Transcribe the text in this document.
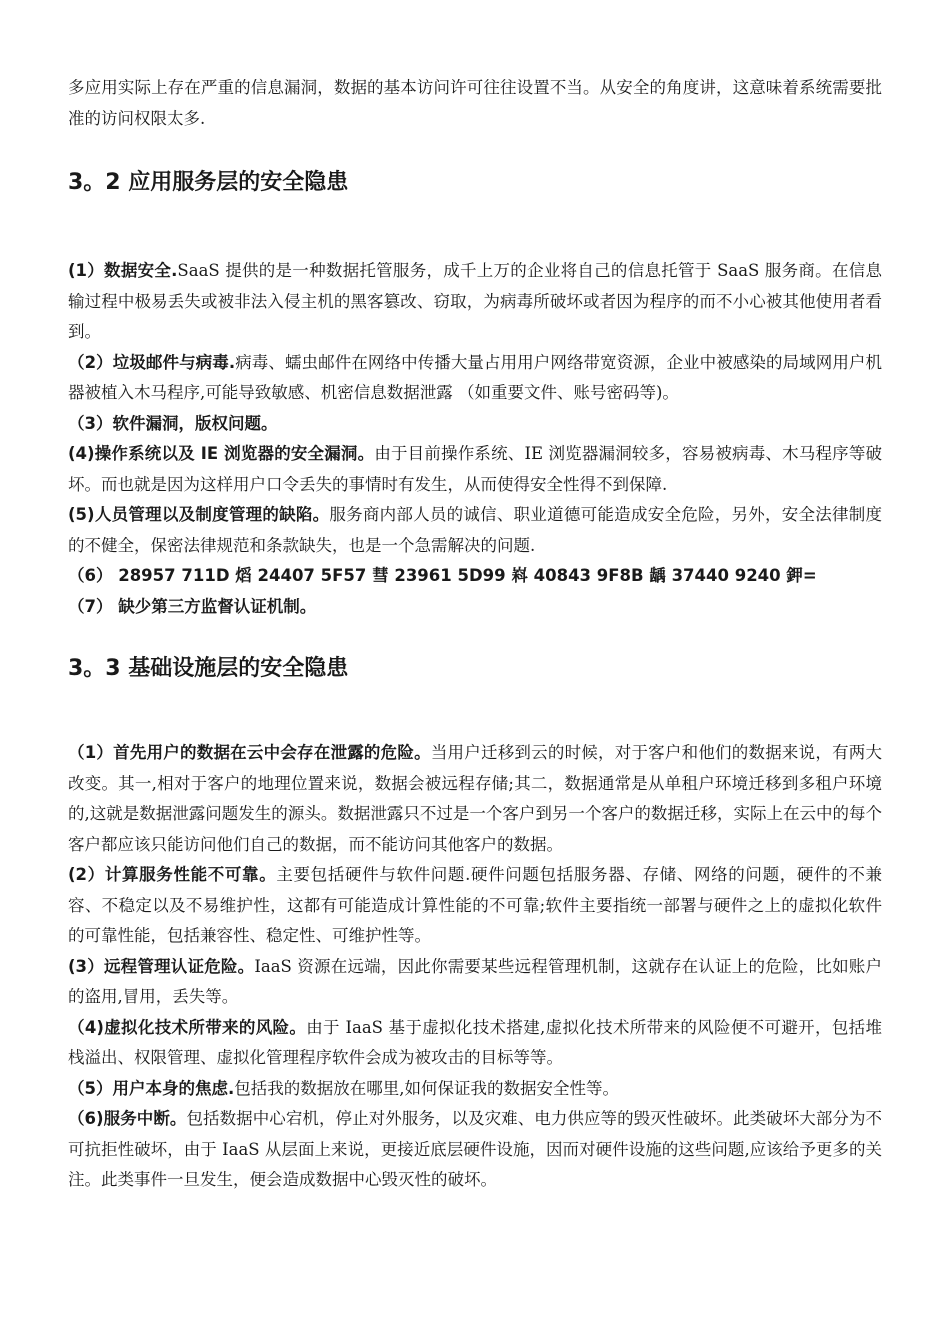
多应用实际上存在严重的信息漏洞，数据的基本访问许可往往设置不当。从安全的角度讲，这意味着系统需要批准的访问权限太多.

3。2 应用服务层的安全隐患

(1）数据安全.SaaS 提供的是一种数据托管服务，成千上万的企业将自己的信息托管于 SaaS 服务商。在信息输过程中极易丢失或被非法入侵主机的黑客篡改、窃取，为病毒所破坏或者因为程序的而不小心被其他使用者看到。

（2）垃圾邮件与病毒.病毒、蠕虫邮件在网络中传播大量占用用户网络带宽资源，企业中被感染的局域网用户机器被植入木马程序,可能导致敏感、机密信息数据泄露 （如重要文件、账号密码等)。

（3）软件漏洞，版权问题。

(4)操作系统以及 IE 浏览器的安全漏洞。由于目前操作系统、IE 浏览器漏洞较多，容易被病毒、木马程序等破坏。而也就是因为这样用户口令丢失的事情时有发生，从而使得安全性得不到保障.

(5)人员管理以及制度管理的缺陷。服务商内部人员的诚信、职业道德可能造成安全危险，另外，安全法律制度的不健全，保密法律规范和条款缺失，也是一个急需解决的问题.

（6） 28957 711D 熖 24407 5F57 彗 23961 5D99 嵙 40843 9F8B 龋 37440 9240 鉀=

（7） 缺少第三方监督认证机制。

3。3 基础设施层的安全隐患

（1）首先用户的数据在云中会存在泄露的危险。当用户迁移到云的时候，对于客户和他们的数据来说，有两大改变。其一,相对于客户的地理位置来说，数据会被远程存储;其二，数据通常是从单租户环境迁移到多租户环境的,这就是数据泄露问题发生的源头。数据泄露只不过是一个客户到另一个客户的数据迁移，实际上在云中的每个客户都应该只能访问他们自己的数据，而不能访问其他客户的数据。

(2）计算服务性能不可靠。主要包括硬件与软件问题.硬件问题包括服务器、存储、网络的问题，硬件的不兼容、不稳定以及不易维护性，这都有可能造成计算性能的不可靠;软件主要指统一部署与硬件之上的虚拟化软件的可靠性能，包括兼容性、稳定性、可维护性等。

(3）远程管理认证危险。IaaS 资源在远端，因此你需要某些远程管理机制，这就存在认证上的危险，比如账户的盗用,冒用，丢失等。

（4)虚拟化技术所带来的风险。由于 IaaS 基于虚拟化技术搭建,虚拟化技术所带来的风险便不可避开，包括堆栈溢出、权限管理、虚拟化管理程序软件会成为被攻击的目标等等。

（5）用户本身的焦虑.包括我的数据放在哪里,如何保证我的数据安全性等。

（6)服务中断。包括数据中心宕机，停止对外服务，以及灾难、电力供应等的毁灭性破坏。此类破坏大部分为不可抗拒性破坏，由于 IaaS 从层面上来说，更接近底层硬件设施，因而对硬件设施的这些问题,应该给予更多的关注。此类事件一旦发生，便会造成数据中心毁灭性的破坏。
